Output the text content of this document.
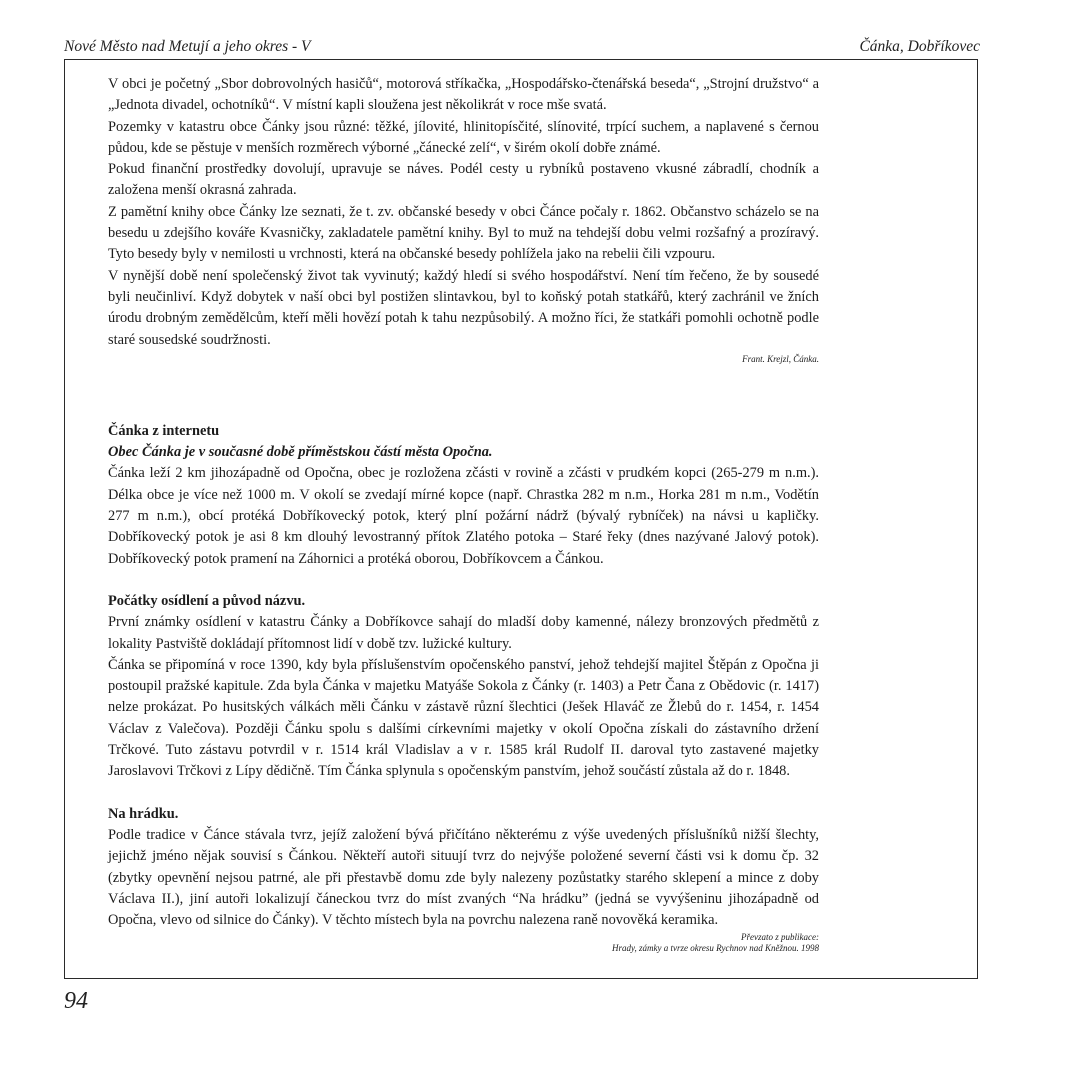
Nové Město nad Metují a jeho okres - V	Čánka, Dobříkovec

V obci je početný „Sbor dobrovolných hasičů“, motorová stříkačka, „Hospodářsko-čtenářská beseda“, „Strojní družstvo“ a „Jednota divadel, ochotníků“. V místní kapli sloužena jest několikrát v roce mše svatá.

Pozemky v katastru obce Čánky jsou různé: těžké, jílovité, hlinitopísčité, slínovité, trpící suchem, a naplavené s černou půdou, kde se pěstuje v menších rozměrech výborné „čánecké zelí“, v širém okolí dobře známé.

Pokud finanční prostředky dovolují, upravuje se náves. Podél cesty u rybníků postaveno vkusné zábradlí, chodník a založena menší okrasná zahrada.

Z pamětní knihy obce Čánky lze seznati, že t. zv. občanské besedy v obci Čánce počaly r. 1862. Občanstvo scházelo se na besedu u zdejšího kováře Kvasničky, zakladatele pamětní knihy. Byl to muž na tehdejší dobu velmi rozšafný a prozíravý. Tyto besedy byly v nemilosti u vrchnosti, která na občanské besedy pohlížela jako na rebelii čili vzpouru.

V nynější době není společenský život tak vyvinutý; každý hledí si svého hospodářství. Není tím řečeno, že by sousedé byli neučinliví. Když dobytek v naší obci byl postižen slintavkou, byl to koňský potah statkářů, který zachránil ve žních úrodu drobným zemědělcům, kteří měli hovězí potah k tahu nezpůsobilý. A možno říci, že statkáři pomohli ochotně podle staré sousedské soudržnosti.

Frant. Krejzl, Čánka.
Čánka z internetu

Obec Čánka je v současné době příměstskou částí města Opočna.

Čánka leží 2 km jihozápadně od Opočna, obec je rozložena zčásti v rovině a zčásti v prudkém kopci (265-279 m n.m.). Délka obce je více než 1000 m. V okolí se zvedají mírné kopce (např. Chrastka 282 m n.m., Horka 281 m n.m., Vodětín 277 m n.m.), obcí protéká Dobříkovecký potok, který plní požární nádrž (bývalý rybníček) na návsi u kapličky. Dobříkovecký potok je asi 8 km dlouhý levostranný přítok Zlatého potoka – Staré řeky (dnes nazývané Jalový potok). Dobříkovecký potok pramení na Záhornici a protéká oborou, Dobříkovcem a Čánkou.

Počátky osídlení a původ názvu.

První známky osídlení v katastru Čánky a Dobříkovce sahají do mladší doby kamenné, nálezy bronzových předmětů z lokality Pastviště dokládají přítomnost lidí v době tzv. lužické kultury.

Čánka se připomíná v roce 1390, kdy byla příslušenstvím opočenského panství, jehož tehdejší majitel Štěpán z Opočna ji postoupil pražské kapitule. Zda byla Čánka v majetku Matyáše Sokola z Čánky (r. 1403) a Petr Čana z Obědovic (r. 1417) nelze prokázat. Po husitských válkách měli Čánku v zástavě různí šlechtici (Ješek Hlaváč ze Žlebů do r. 1454, r. 1454 Václav z Valečova). Později Čánku spolu s dalšími církevními majetky v okolí Opočna získali do zástavního držení Trčkové. Tuto zástavu potvrdil v r. 1514 král Vladislav a v r. 1585 král Rudolf II. daroval tyto zastavené majetky Jaroslavovi Trčkovi z Lípy dědičně. Tím Čánka splynula s opočenským panstvím, jehož součástí zůstala až do r. 1848.

Na hrádku.

Podle tradice v Čánce stávala tvrz, jejíž založení bývá přičítáno některému z výše uvedených příslušníků nižší šlechty, jejichž jméno nějak souvisí s Čánkou. Někteří autoři situují tvrz do nejvýše položené severní části vsi k domu čp. 32 (zbytky opevnění nejsou patrné, ale při přestavbě domu zde byly nalezeny pozůstatky starého sklepení a mince z doby Václava II.), jiní autoři lokalizují čáneckou tvrz do míst zvaných “Na hrádku” (jedná se vyvýšeninu jihozápadně od Opočna, vlevo od silnice do Čánky). V těchto místech byla na povrchu nalezena raně novověká keramika.

Převzato z publikace:
Hrady, zámky a tvrze okresu Rychnov nad Kněžnou. 1998
94
